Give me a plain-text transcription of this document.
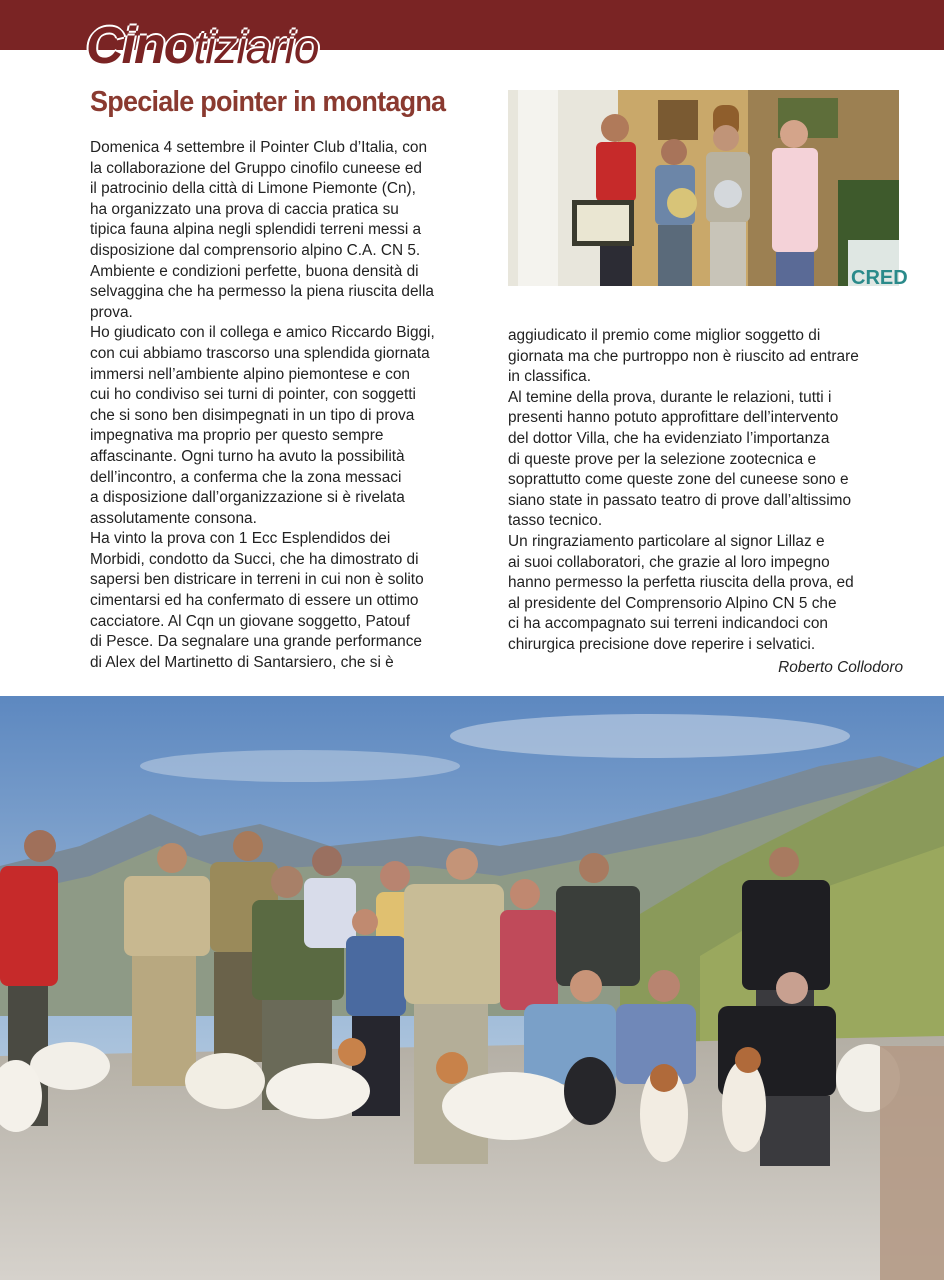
Cinotiziario
Speciale pointer in montagna

Domenica 4 settembre il Pointer Club d’Italia, con

la collaborazione del Gruppo cinofilo cuneese ed

il patrocinio della città di Limone Piemonte (Cn),

ha organizzato una prova di caccia pratica su

tipica fauna alpina negli splendidi terreni messi a

disposizione dal comprensorio alpino C.A. CN 5.

Ambiente e condizioni perfette, buona densità di

selvaggina che ha permesso la piena riuscita della

prova.

Ho giudicato con il collega e amico Riccardo Biggi,

con cui abbiamo trascorso una splendida giornata

immersi nell’ambiente alpino piemontese e con

cui ho condiviso sei turni di pointer, con soggetti

che si sono ben disimpegnati in un tipo di prova

impegnativa ma proprio per questo sempre

affascinante. Ogni turno ha avuto la possibilità

dell’incontro, a conferma che la zona messaci

a disposizione dall’organizzazione si è rivelata

assolutamente consona.

Ha vinto la prova con 1 Ecc Esplendidos dei

Morbidi, condotto da Succi, che ha dimostrato di

sapersi ben districare in terreni in cui non è solito

cimentarsi ed ha confermato di essere un ottimo

cacciatore. Al Cqn un giovane soggetto, Patouf

di Pesce. Da segnalare una grande performance

di Alex del Martinetto di Santarsiero, che si è

CRED

aggiudicato il premio come miglior soggetto di

giornata ma che purtroppo non è riuscito ad entrare

in classifica.

Al temine della prova, durante le relazioni, tutti i

presenti hanno potuto approfittare dell’intervento

del dottor Villa, che ha evidenziato l’importanza

di queste prove per la selezione zootecnica e

soprattutto come queste zone del cuneese sono e

siano state in passato teatro di prove dall’altissimo

tasso tecnico.

Un ringraziamento particolare al signor Lillaz e

ai suoi collaboratori, che grazie al loro impegno

hanno permesso la perfetta riuscita della prova, ed

al presidente del Comprensorio Alpino CN 5 che

ci ha accompagnato sui terreni indicandoci con

chirurgica precisione dove reperire i selvatici.

Roberto Collodoro
